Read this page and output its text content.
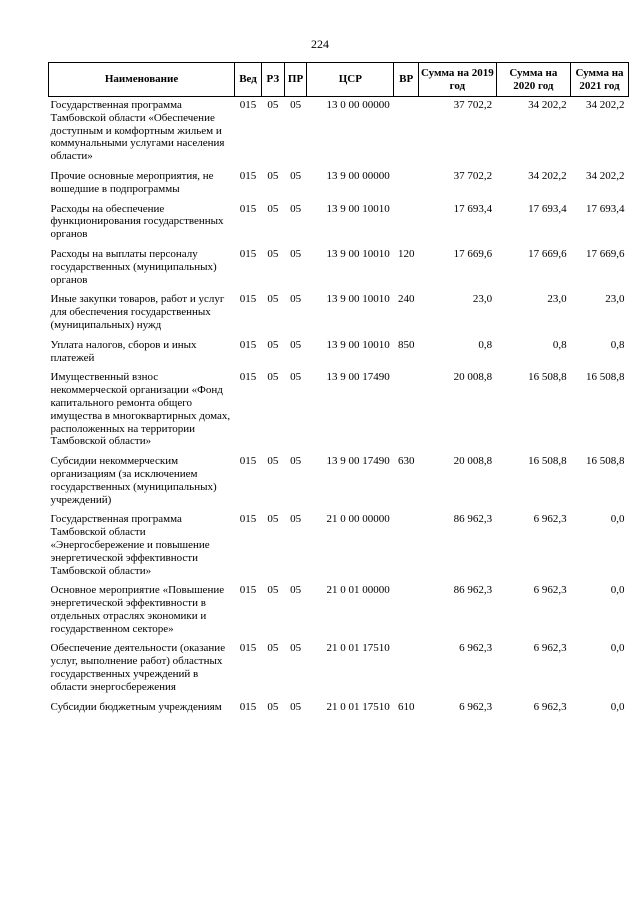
224
Наименование	Вед	РЗ	ПР	ЦСР	ВР	Сумма на 2019 год	Сумма на 2020 год	Сумма на 2021 год
Государственная программа Тамбовской области «Обеспечение доступным и комфортным жильем и коммунальными услугами населения области»	015	05	05	13 0 00 00000		37 702,2	34 202,2	34 202,2
Прочие основные мероприятия, не вошедшие в подпрограммы	015	05	05	13 9 00 00000		37 702,2	34 202,2	34 202,2
Расходы на обеспечение функционирования государственных органов	015	05	05	13 9 00 10010		17 693,4	17 693,4	17 693,4
Расходы на выплаты персоналу государственных (муниципальных) органов	015	05	05	13 9 00 10010	120	17 669,6	17 669,6	17 669,6
Иные закупки товаров, работ и услуг для обеспечения государственных (муниципальных) нужд	015	05	05	13 9 00 10010	240	23,0	23,0	23,0
Уплата налогов, сборов и иных платежей	015	05	05	13 9 00 10010	850	0,8	0,8	0,8
Имущественный взнос некоммерческой организации «Фонд капитального ремонта общего имущества в многоквартирных домах, расположенных на территории Тамбовской области»	015	05	05	13 9 00 17490		20 008,8	16 508,8	16 508,8
Субсидии некоммерческим организациям (за исключением государственных (муниципальных) учреждений)	015	05	05	13 9 00 17490	630	20 008,8	16 508,8	16 508,8
Государственная программа Тамбовской области «Энергосбережение и повышение энергетической эффективности Тамбовской области»	015	05	05	21 0 00 00000		86 962,3	6 962,3	0,0
Основное мероприятие «Повышение энергетической эффективности в отдельных отраслях экономики и государственном секторе»	015	05	05	21 0 01 00000		86 962,3	6 962,3	0,0
Обеспечение деятельности (оказание услуг, выполнение работ) областных государственных учреждений в области энергосбережения	015	05	05	21 0 01 17510		6 962,3	6 962,3	0,0
Субсидии бюджетным учреждениям	015	05	05	21 0 01 17510	610	6 962,3	6 962,3	0,0
